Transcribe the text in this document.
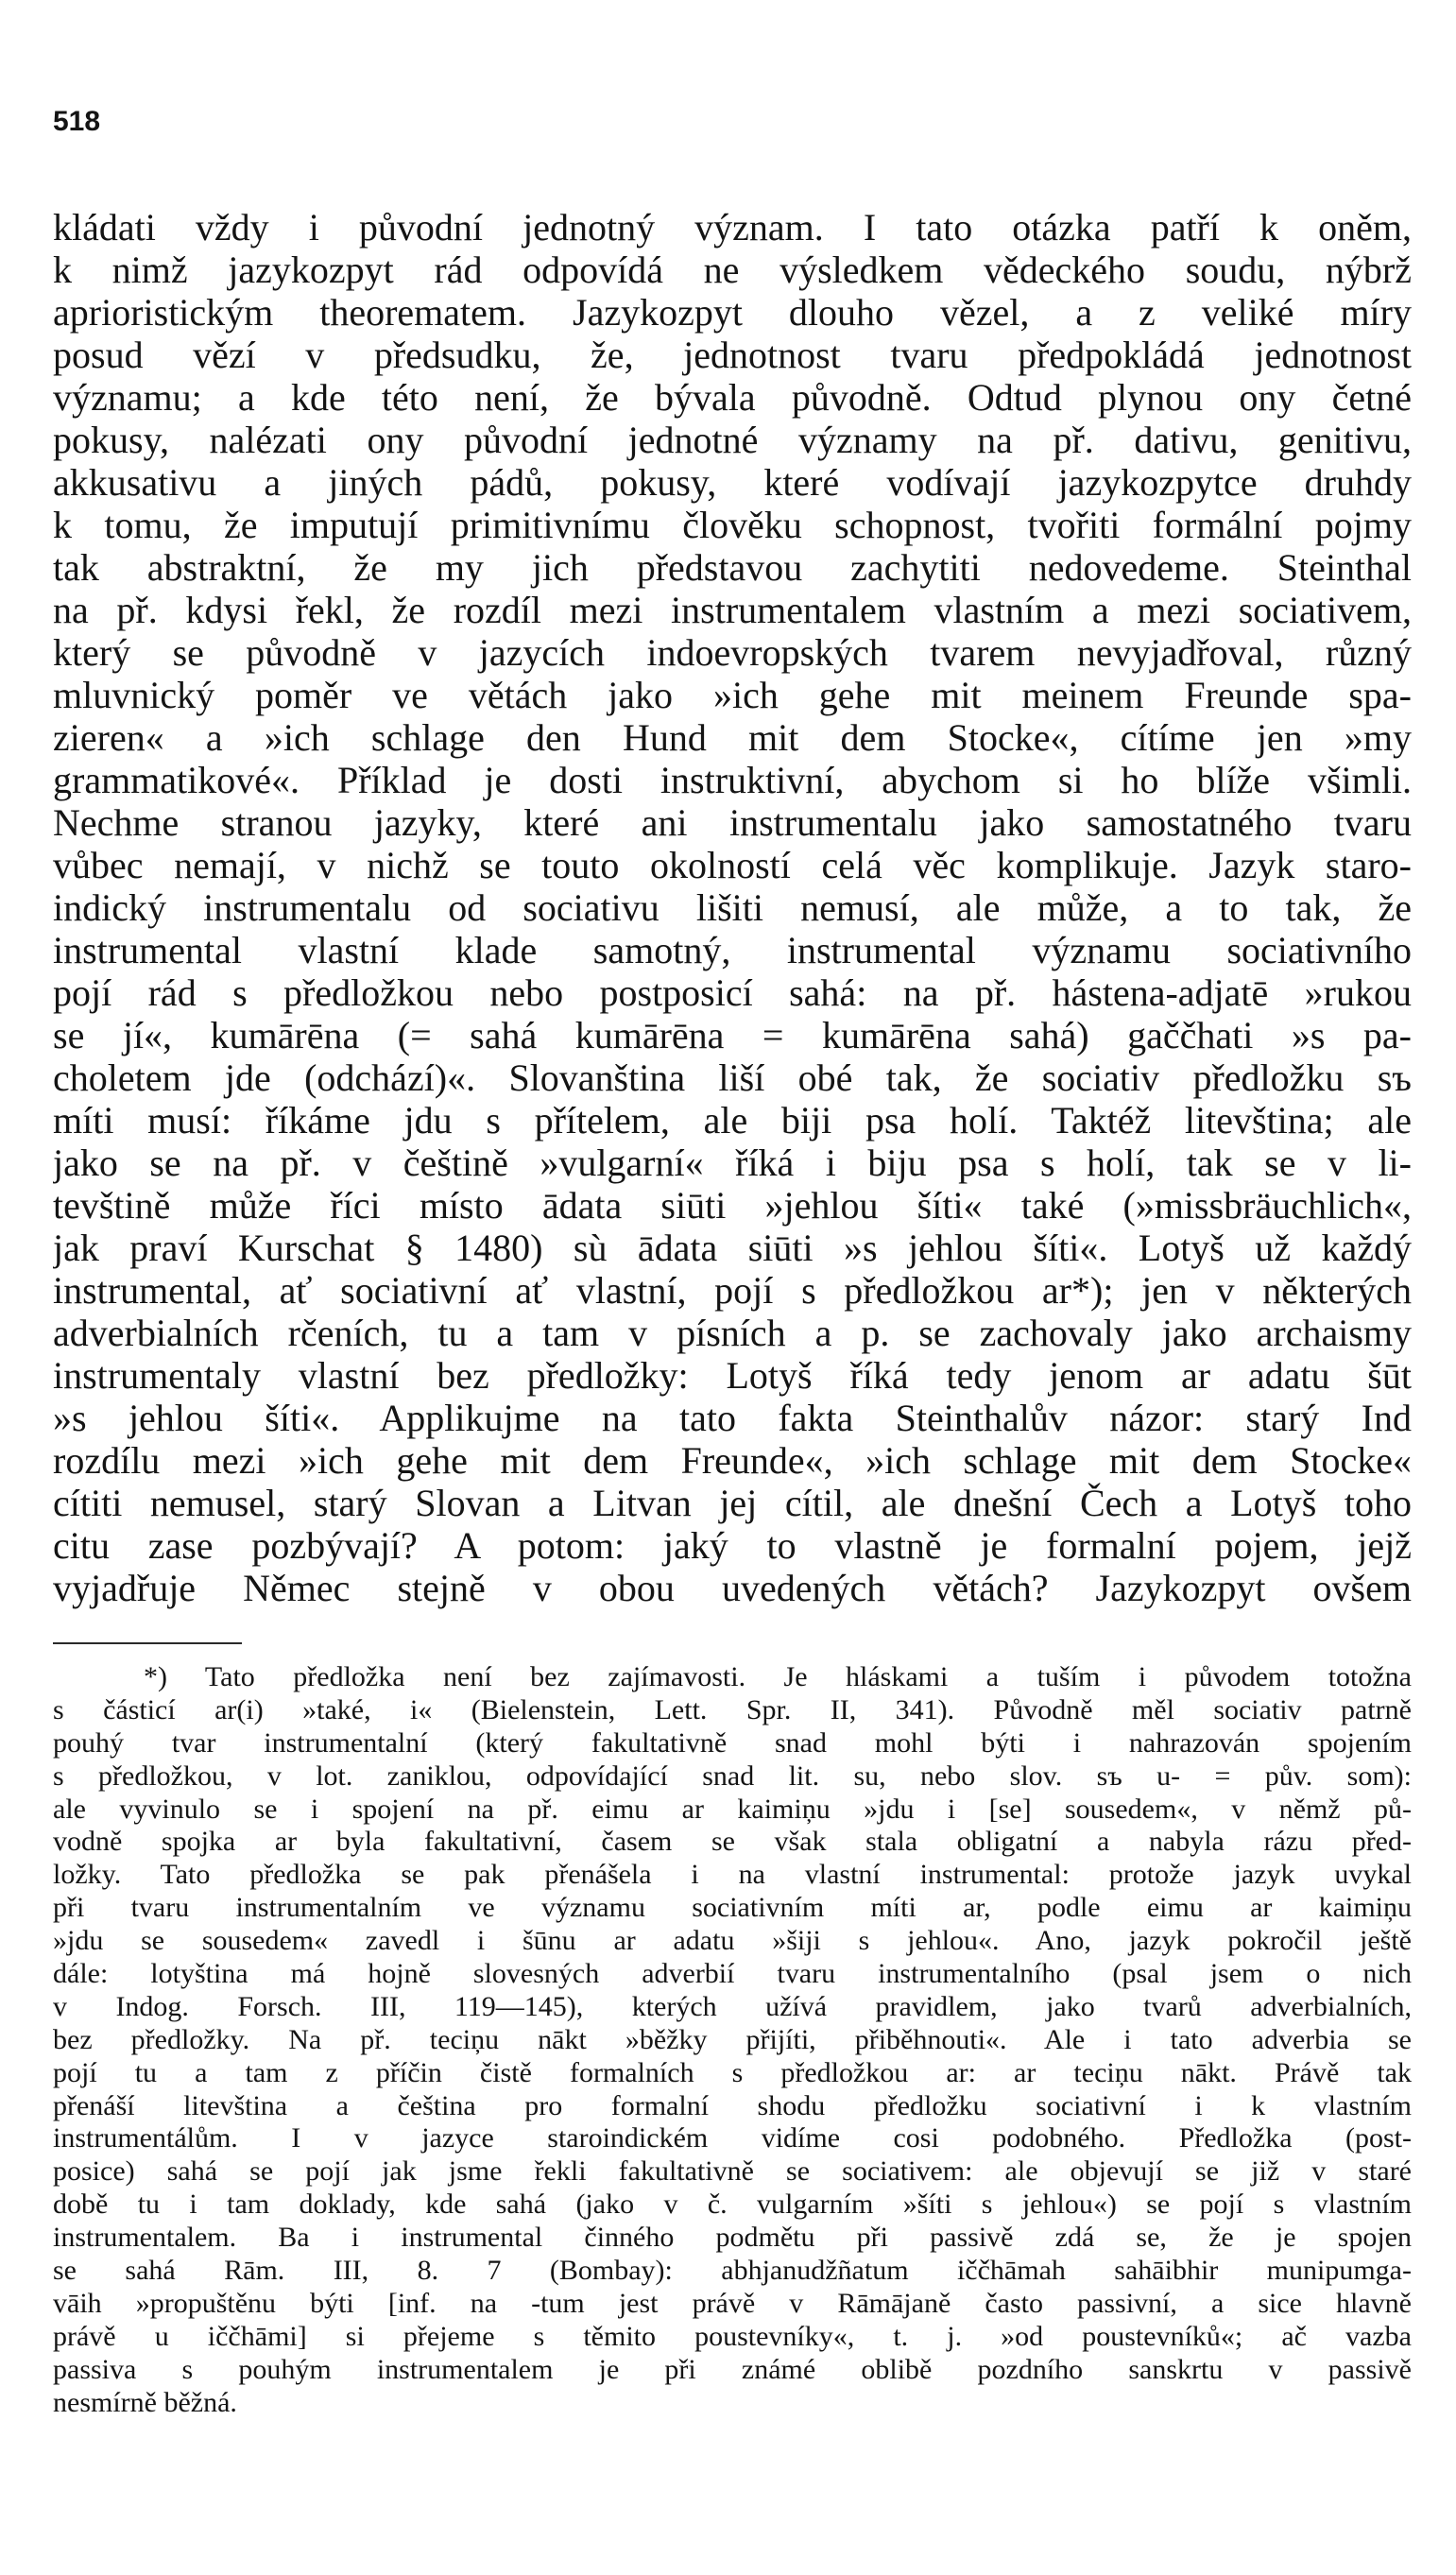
518

kládati vždy i původní jednotný význam. I tato otázka patří k oněm,
k nimž jazykozpyt rád odpovídá ne výsledkem vědeckého soudu, nýbrž
aprioristickým theorematem. Jazykozpyt dlouho vězel, a z veliké míry
posud vězí v předsudku, že, jednotnost tvaru předpokládá jednotnost
významu; a kde této není, že bývala původně. Odtud plynou ony četné
pokusy, nalézati ony původní jednotné významy na př. dativu, genitivu,
akkusativu a jiných pádů, pokusy, které vodívají jazykozpytce druhdy
k tomu, že imputují primitivnímu člověku schopnost, tvořiti formální pojmy
tak abstraktní, že my jich představou zachytiti nedovedeme. Steinthal
na př. kdysi řekl, že rozdíl mezi instrumentalem vlastním a mezi sociativem,
který se původně v jazycích indoevropských tvarem nevyjadřoval, různý
mluvnický poměr ve větách jako »ich gehe mit meinem Freunde spa-
zieren« a »ich schlage den Hund mit dem Stocke«, cítíme jen »my
grammatikové«. Příklad je dosti instruktivní, abychom si ho blíže všimli.
Nechme stranou jazyky, které ani instrumentalu jako samostatného tvaru
vůbec nemají, v nichž se touto okolností celá věc komplikuje. Jazyk staro-
indický instrumentalu od sociativu lišiti nemusí, ale může, a to tak, že
instrumental vlastní klade samotný, instrumental významu sociativního
pojí rád s předložkou nebo postposicí sahá: na př. hástena-adjatē »rukou
se jí«, kumārēna (= sahá kumārēna = kumārēna sahá) gaččhati »s pa-
choletem jde (odchází)«. Slovanština liší obé tak, že sociativ předložku sъ
míti musí: říkáme jdu s přítelem, ale biji psa holí. Taktéž litevština; ale
jako se na př. v češtině »vulgarní« říká i biju psa s holí, tak se v li-
tevštině může říci místo ādata siūti »jehlou šíti« také (»missbräuchlich«,
jak praví Kurschat § 1480) sù ādata siūti »s jehlou šíti«. Lotyš už každý
instrumental, ať sociativní ať vlastní, pojí s předložkou ar*); jen v některých
adverbialních rčeních, tu a tam v písních a p. se zachovaly jako archaismy
instrumentaly vlastní bez předložky: Lotyš říká tedy jenom ar adatu šūt
»s jehlou šíti«. Applikujme na tato fakta Steinthalův názor: starý Ind
rozdílu mezi »ich gehe mit dem Freunde«, »ich schlage mit dem Stocke«
cítiti nemusel, starý Slovan a Litvan jej cítil, ale dnešní Čech a Lotyš toho
citu zase pozbývají? A potom: jaký to vlastně je formalní pojem, jejž
vyjadřuje Němec stejně v obou uvedených větách? Jazykozpyt ovšem
*) Tato předložka není bez zajímavosti. Je hláskami a tuším i původem totožna
s částicí ar(i) »také, i« (Bielenstein, Lett. Spr. II, 341). Původně měl sociativ patrně
pouhý tvar instrumentalní (který fakultativně snad mohl býti i nahrazován spojením
s předložkou, v lot. zaniklou, odpovídající snad lit. su, nebo slov. sъ u- = pův. som):
ale vyvinulo se i spojení na př. eimu ar kaimiņu »jdu i [se] sousedem«, v němž pů-
vodně spojka ar byla fakultativní, časem se však stala obligatní a nabyla rázu před-
ložky. Tato předložka se pak přenášela i na vlastní instrumental: protože jazyk uvykal
při tvaru instrumentalním ve významu sociativním míti ar, podle eimu ar kaimiņu
»jdu se sousedem« zavedl i šūnu ar adatu »šiji s jehlou«. Ano, jazyk pokročil ještě
dále: lotyština má hojně slovesných adverbií tvaru instrumentalního (psal jsem o nich
v Indog. Forsch. III, 119—145), kterých užívá pravidlem, jako tvarů adverbialních,
bez předložky. Na př. teciņu nākt »běžky přijíti, přiběhnouti«. Ale i tato adverbia se
pojí tu a tam z příčin čistě formalních s předložkou ar: ar teciņu nākt. Právě tak
přenáší litevština a čeština pro formalní shodu předložku sociativní i k vlastním
instrumentálům. I v jazyce staroindickém vidíme cosi podobného. Předložka (post-
posice) sahá se pojí jak jsme řekli fakultativně se sociativem: ale objevují se již v staré
době tu i tam doklady, kde sahá (jako v č. vulgarním »šíti s jehlou«) se pojí s vlastním
instrumentalem. Ba i instrumental činného podmětu při passivě zdá se, že je spojen
se sahá Rām. III, 8. 7 (Bombay): abhjanudžñatum iččhāmah sahāibhir munipumga-
vāih »propuštěnu býti [inf. na -tum jest právě v Rāmājaně často passivní, a sice hlavně
právě u iččhāmi] si přejeme s těmito poustevníky«, t. j. »od poustevníků«; ač vazba
passiva s pouhým instrumentalem je při známé oblibě pozdního sanskrtu v passivě
nesmírně běžná.
